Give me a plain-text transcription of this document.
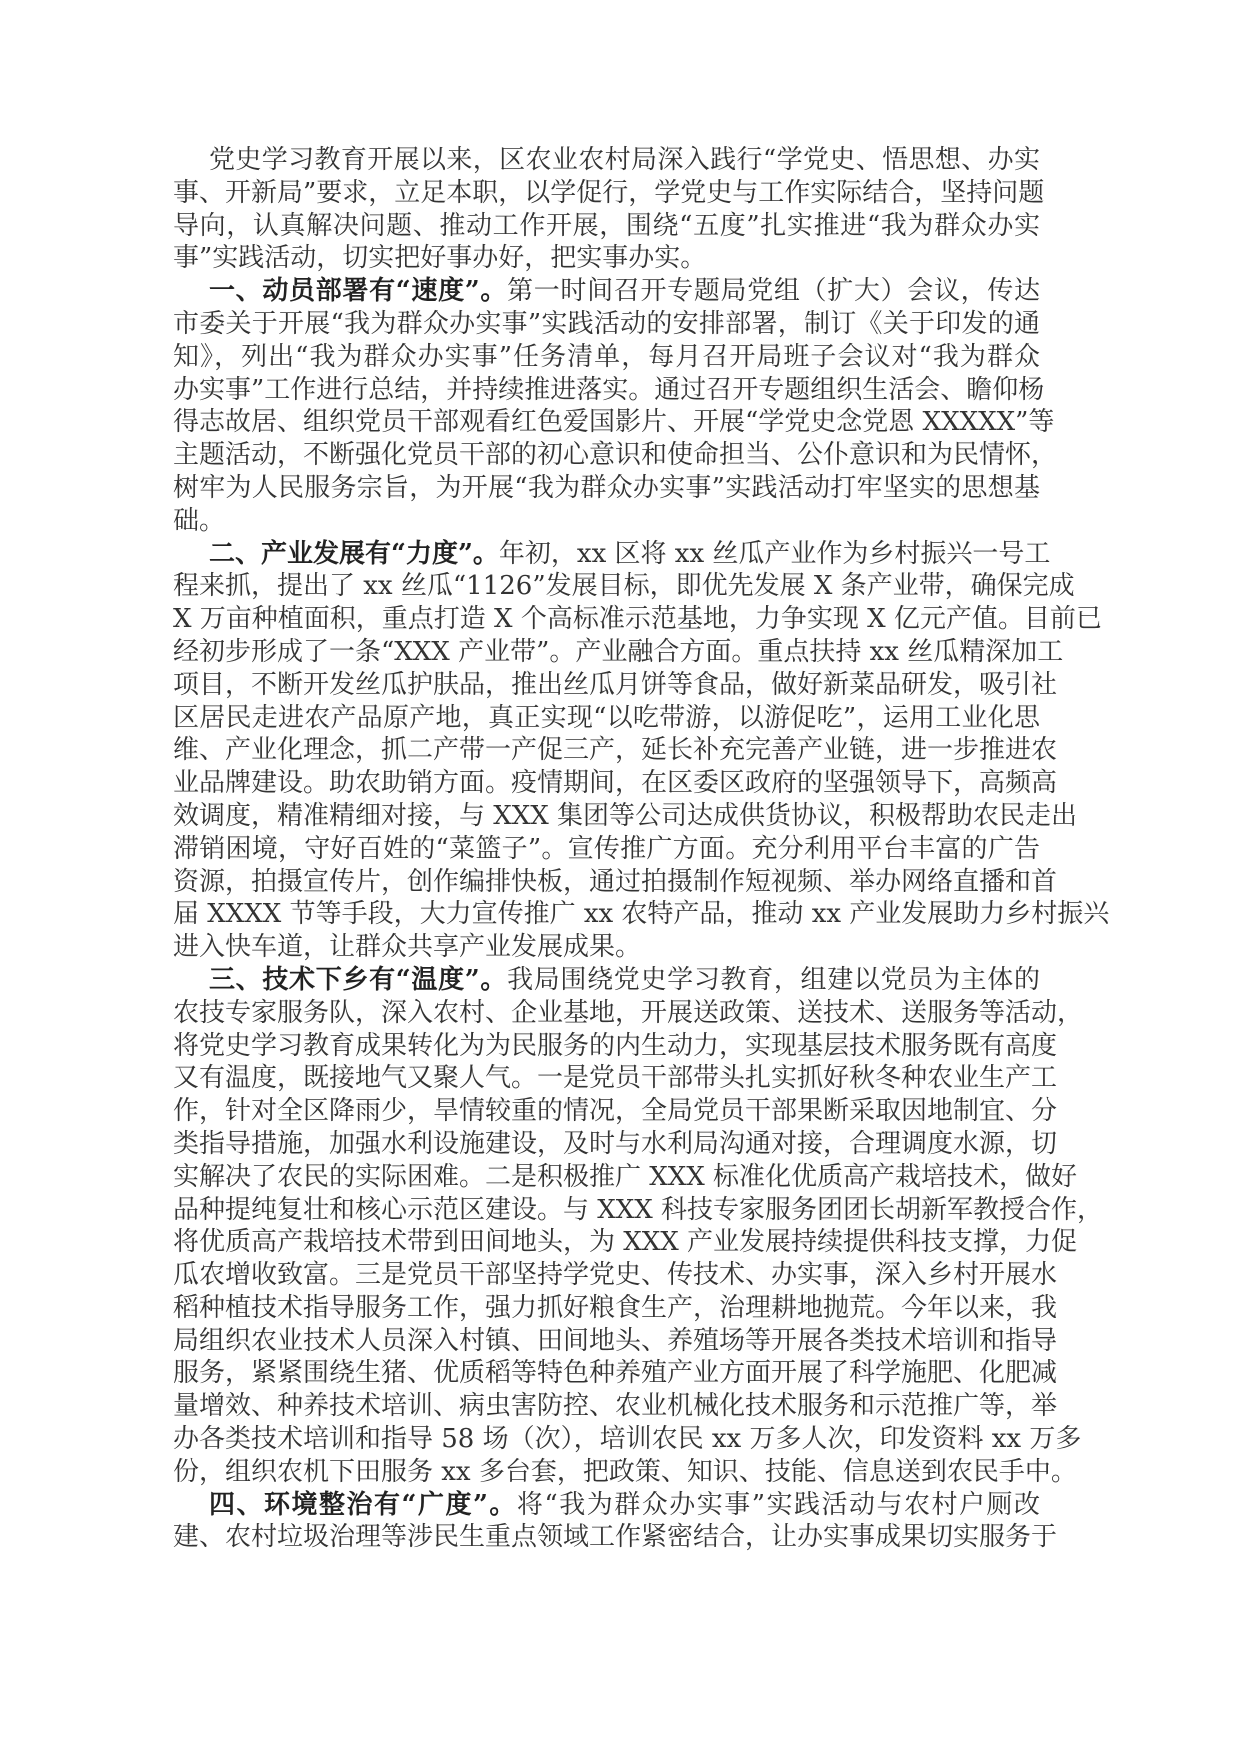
党史学习教育开展以来，区农业农村局深入践行“学党史、悟思想、办实
事、开新局”要求，立足本职，以学促行，学党史与工作实际结合，坚持问题
导向，认真解决问题、推动工作开展，围绕“五度”扎实推进“我为群众办实
事”实践活动，切实把好事办好，把实事办实。
一、动员部署有“速度”。第一时间召开专题局党组（扩大）会议，传达
市委关于开展“我为群众办实事”实践活动的安排部署，制订《关于印发的通
知》，列出“我为群众办实事”任务清单，每月召开局班子会议对“我为群众
办实事”工作进行总结，并持续推进落实。通过召开专题组织生活会、瞻仰杨
得志故居、组织党员干部观看红色爱国影片、开展“学党史念党恩 XXXXX”等
主题活动，不断强化党员干部的初心意识和使命担当、公仆意识和为民情怀，
树牢为人民服务宗旨，为开展“我为群众办实事”实践活动打牢坚实的思想基
础。
二、产业发展有“力度”。年初，xx 区将 xx 丝瓜产业作为乡村振兴一号工
程来抓，提出了 xx 丝瓜“1126”发展目标，即优先发展 X 条产业带，确保完成
X 万亩种植面积，重点打造 X 个高标准示范基地，力争实现 X 亿元产值。目前已
经初步形成了一条“XXX 产业带”。产业融合方面。重点扶持 xx 丝瓜精深加工
项目，不断开发丝瓜护肤品，推出丝瓜月饼等食品，做好新菜品研发，吸引社
区居民走进农产品原产地，真正实现“以吃带游，以游促吃”，运用工业化思
维、产业化理念，抓二产带一产促三产，延长补充完善产业链，进一步推进农
业品牌建设。助农助销方面。疫情期间，在区委区政府的坚强领导下，高频高
效调度，精准精细对接，与 XXX 集团等公司达成供货协议，积极帮助农民走出
滞销困境，守好百姓的“菜篮子”。宣传推广方面。充分利用平台丰富的广告
资源，拍摄宣传片，创作编排快板，通过拍摄制作短视频、举办网络直播和首
届 XXXX 节等手段，大力宣传推广 xx 农特产品，推动 xx 产业发展助力乡村振兴
进入快车道，让群众共享产业发展成果。
三、技术下乡有“温度”。我局围绕党史学习教育，组建以党员为主体的
农技专家服务队，深入农村、企业基地，开展送政策、送技术、送服务等活动，
将党史学习教育成果转化为为民服务的内生动力，实现基层技术服务既有高度
又有温度，既接地气又聚人气。一是党员干部带头扎实抓好秋冬种农业生产工
作，针对全区降雨少，旱情较重的情况，全局党员干部果断采取因地制宜、分
类指导措施，加强水利设施建设，及时与水利局沟通对接，合理调度水源，切
实解决了农民的实际困难。二是积极推广 XXX 标准化优质高产栽培技术，做好
品种提纯复壮和核心示范区建设。与 XXX 科技专家服务团团长胡新军教授合作，
将优质高产栽培技术带到田间地头，为 XXX 产业发展持续提供科技支撑，力促
瓜农增收致富。三是党员干部坚持学党史、传技术、办实事，深入乡村开展水
稻种植技术指导服务工作，强力抓好粮食生产，治理耕地抛荒。今年以来，我
局组织农业技术人员深入村镇、田间地头、养殖场等开展各类技术培训和指导
服务，紧紧围绕生猪、优质稻等特色种养殖产业方面开展了科学施肥、化肥减
量增效、种养技术培训、病虫害防控、农业机械化技术服务和示范推广等，举
办各类技术培训和指导 58 场（次），培训农民 xx 万多人次，印发资料 xx 万多
份，组织农机下田服务 xx 多台套，把政策、知识、技能、信息送到农民手中。
四、环境整治有“广度”。将“我为群众办实事”实践活动与农村户厕改
建、农村垃圾治理等涉民生重点领域工作紧密结合，让办实事成果切实服务于
